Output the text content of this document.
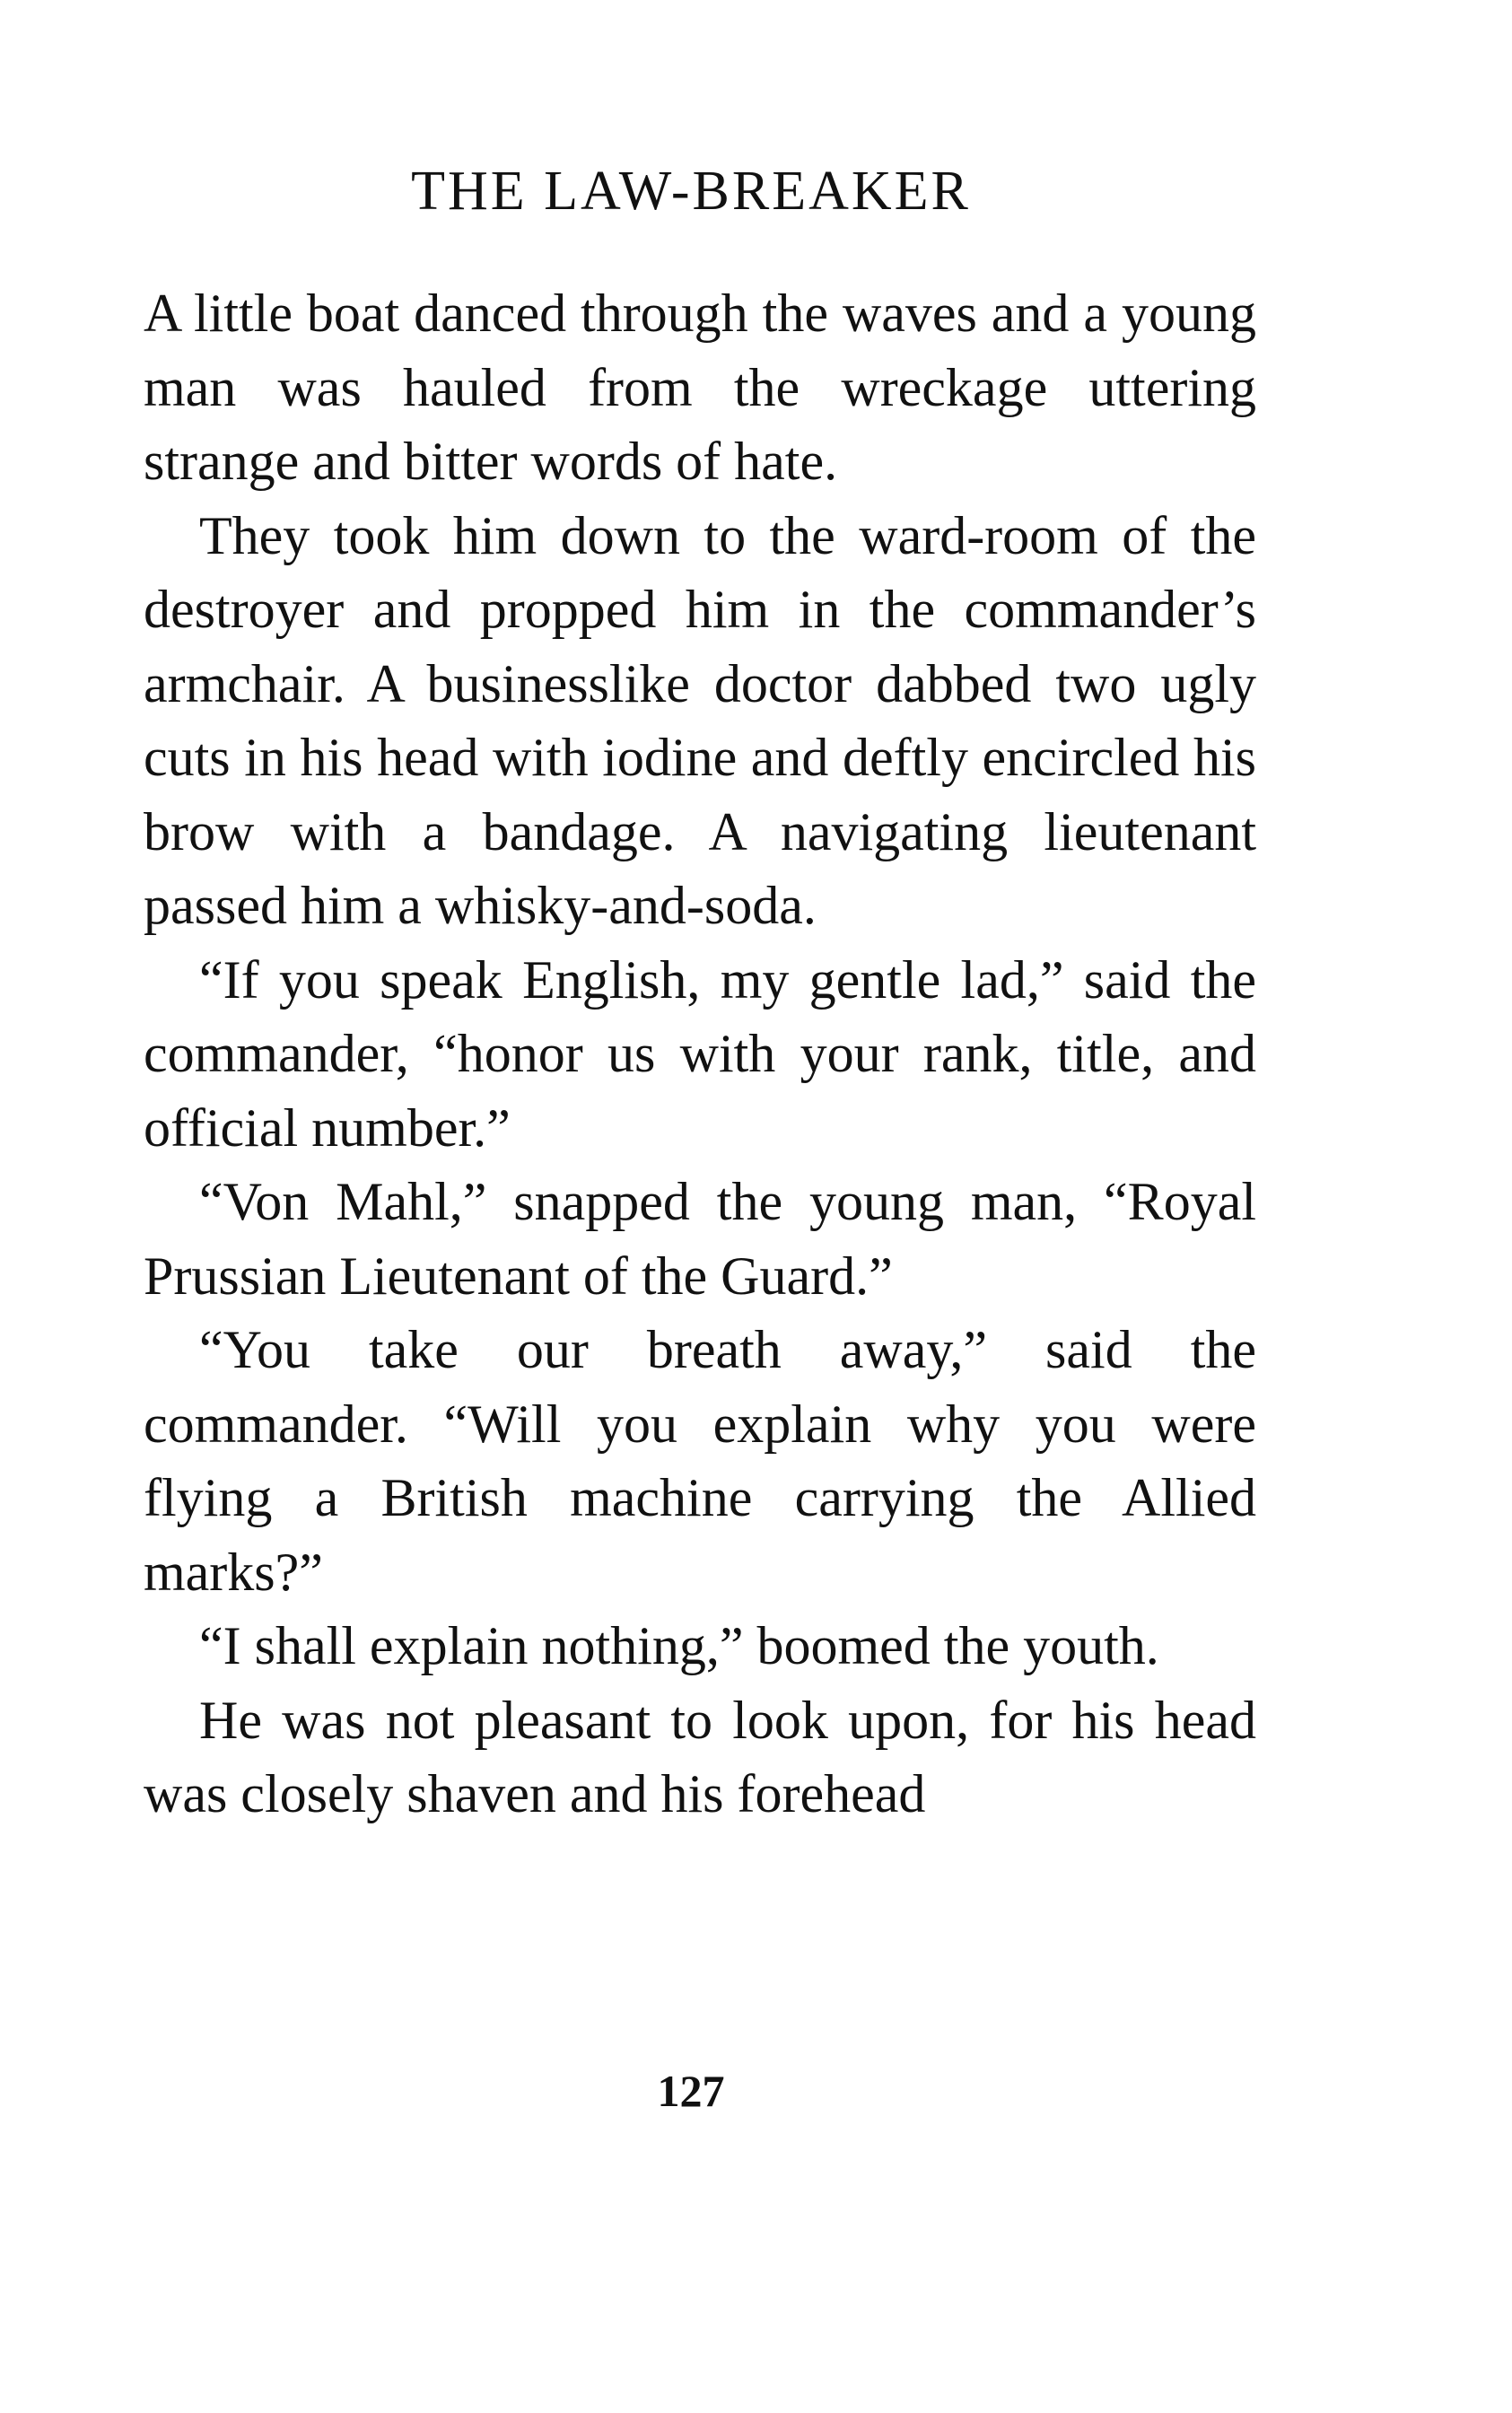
THE LAW-BREAKER

A little boat danced through the waves and a young man was hauled from the wreckage uttering strange and bitter words of hate.

They took him down to the ward-room of the destroyer and propped him in the commander’s armchair. A businesslike doctor dabbed two ugly cuts in his head with iodine and deftly encircled his brow with a bandage. A navigating lieutenant passed him a whisky-and-soda.

“If you speak English, my gentle lad,” said the commander, “honor us with your rank, title, and official number.”

“Von Mahl,” snapped the young man, “Royal Prussian Lieutenant of the Guard.”

“You take our breath away,” said the commander. “Will you explain why you were flying a British machine carrying the Allied marks?”

“I shall explain nothing,” boomed the youth.

He was not pleasant to look upon, for his head was closely shaven and his forehead

127
